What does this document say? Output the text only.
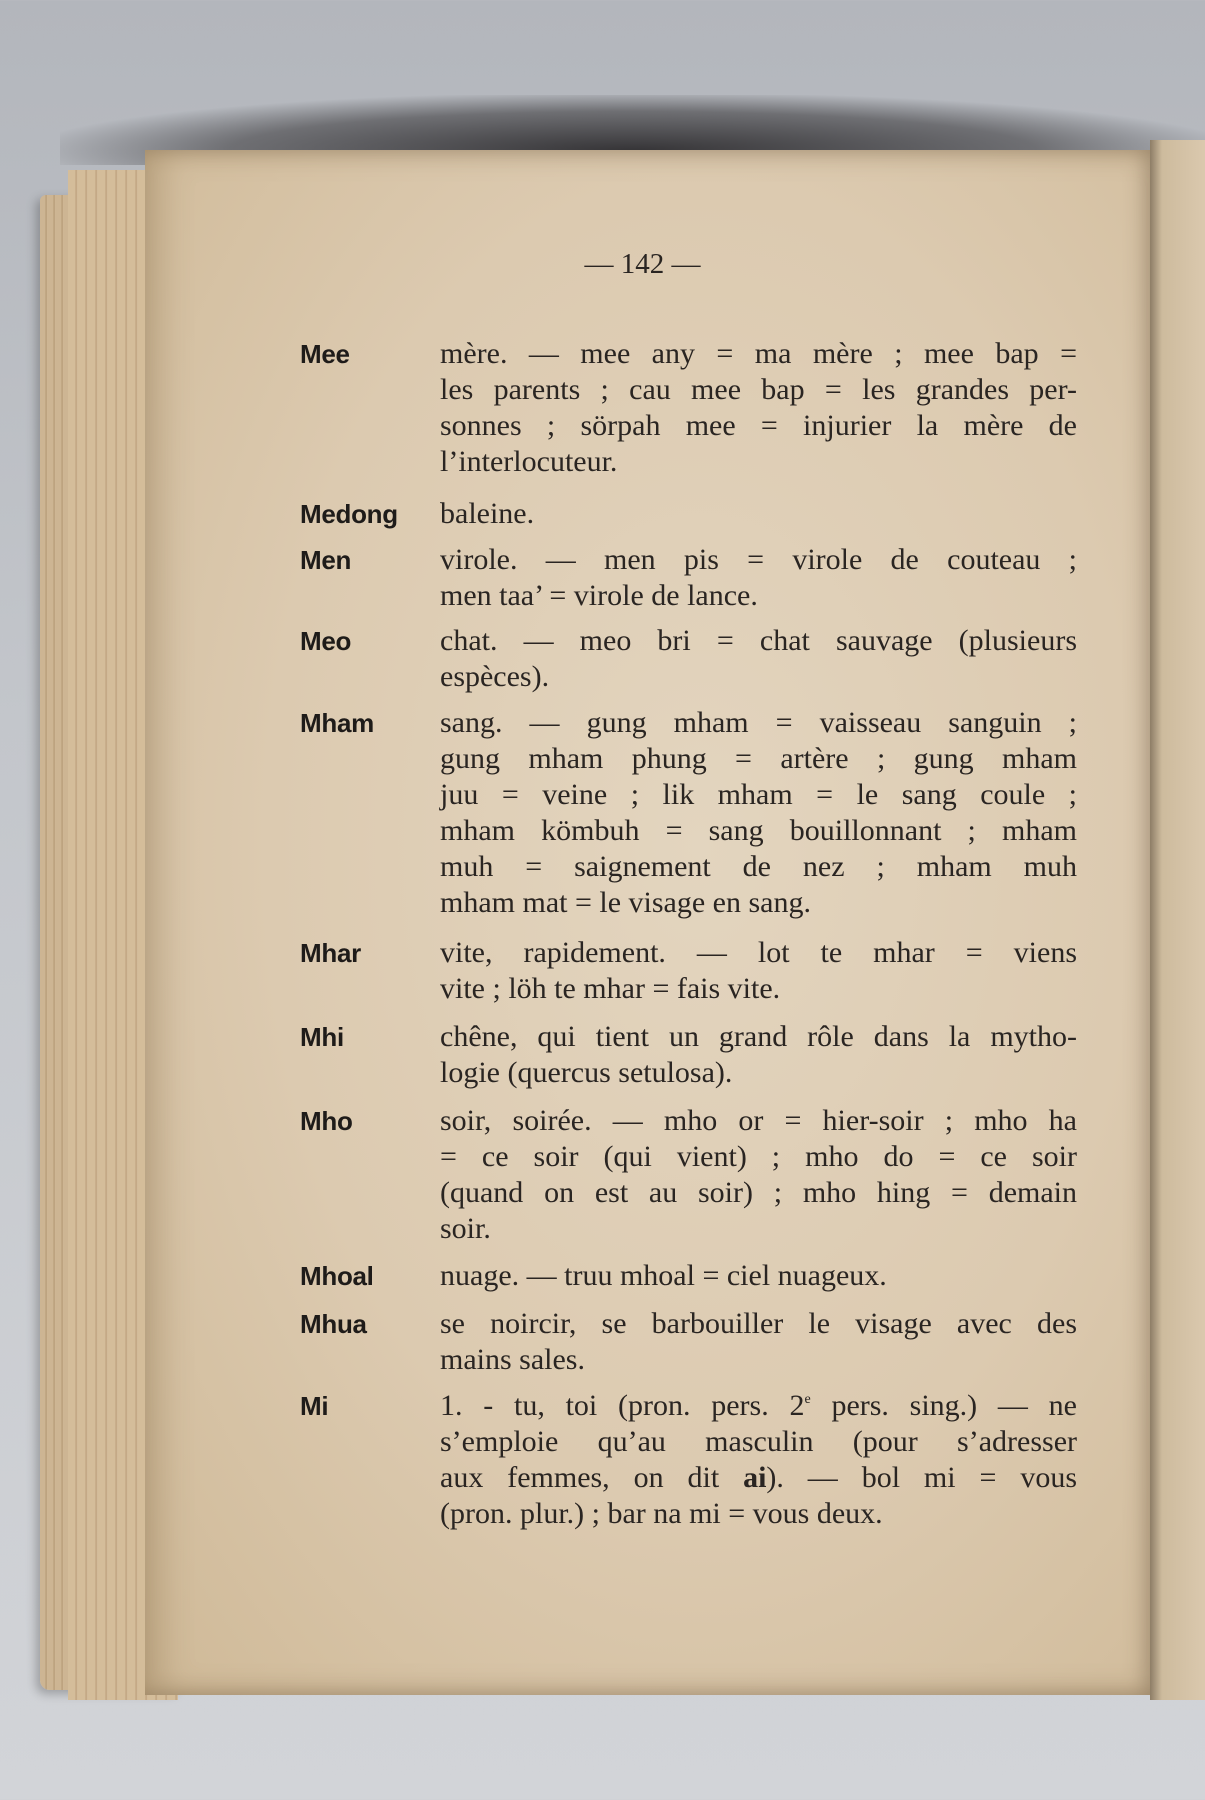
— 142 —
Mee	mère. — mee any = ma mère ; mee bap =
les parents ; cau mee bap = les grandes per-
sonnes ; sörpah mee = injurier la mère de
l’interlocuteur.
Medong baleine.
Men	virole. — men pis = virole de couteau ;
men taa’ = virole de lance.
Meo	chat. — meo bri = chat sauvage (plusieurs
espèces).
Mham sang. — gung mham = vaisseau sanguin ;
gung mham phung = artère ; gung mham
juu = veine ; lik mham = le sang coule ;
mham kömbuh = sang bouillonnant ; mham
muh = saignement de nez ; mham muh
mham mat = le visage en sang.
Mhar	vite, rapidement. — lot te mhar = viens
vite ; löh te mhar = fais vite.
Mhi	chêne, qui tient un grand rôle dans la mytho-
logie (quercus setulosa).
Mho	soir, soirée. — mho or = hier-soir ; mho ha
= ce soir (qui vient) ; mho do = ce soir
(quand on est au soir) ; mho hing = demain
soir.
Mhoal nuage. — truu mhoal = ciel nuageux.
Mhua se noircir, se barbouiller le visage avec des
mains sales.
Mi	1. - tu, toi (pron. pers. 2e pers. sing.) — ne
s’emploie qu’au masculin (pour s’adresser
aux femmes, on dit ai). — bol mi = vous
(pron. plur.) ; bar na mi = vous deux.
